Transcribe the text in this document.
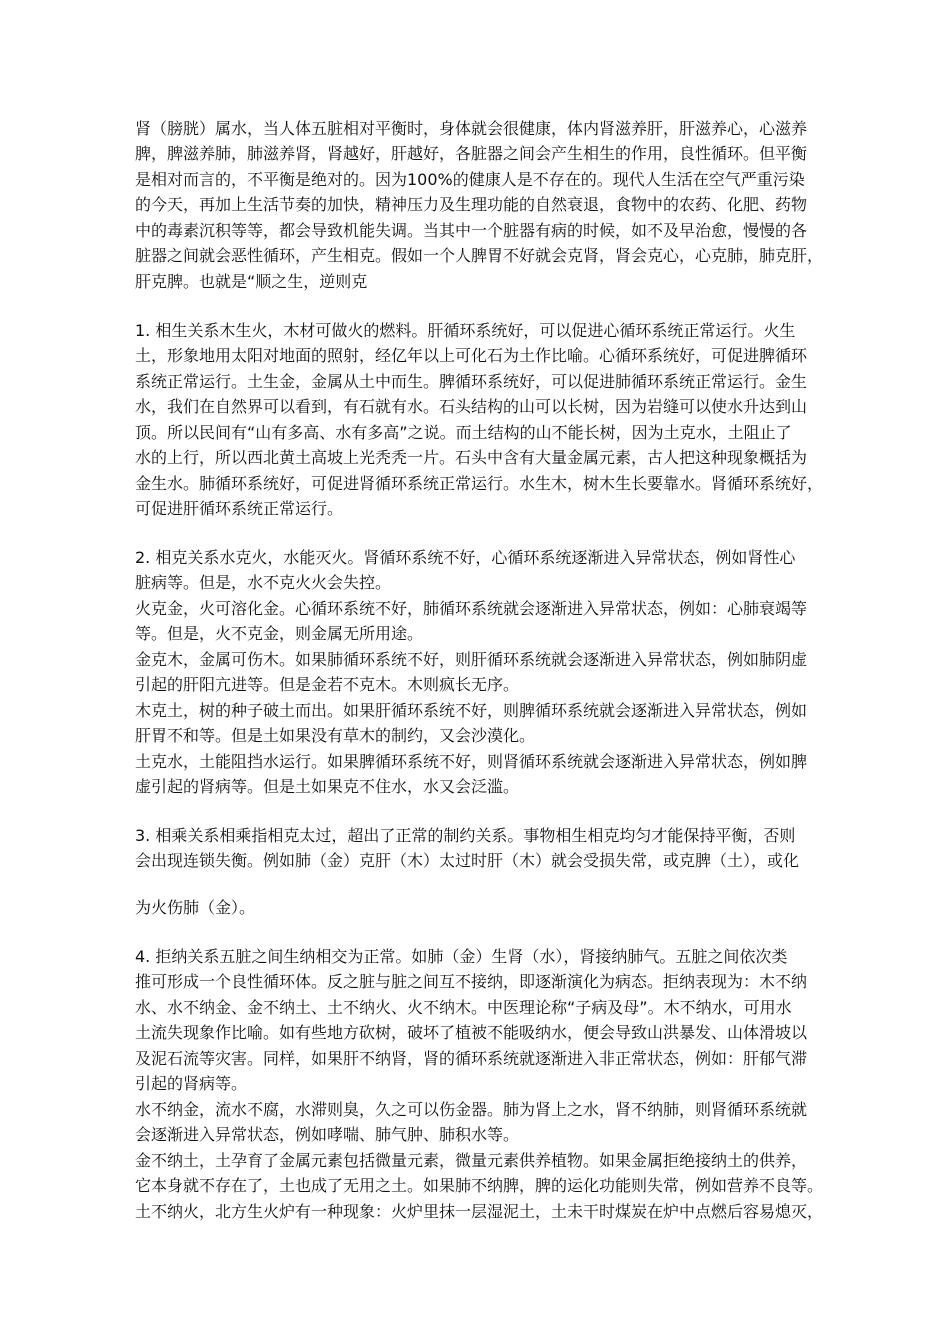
肾（膀胱）属水，当人体五脏相对平衡时，身体就会很健康，体内肾滋养肝，肝滋养心，心滋养
脾，脾滋养肺，肺滋养肾，肾越好，肝越好，各脏器之间会产生相生的作用，良性循环。但平衡
是相对而言的，不平衡是绝对的。因为100%的健康人是不存在的。现代人生活在空气严重污染
的今天，再加上生活节奏的加快，精神压力及生理功能的自然衰退，食物中的农药、化肥、药物
中的毒素沉积等等，都会导致机能失调。当其中一个脏器有病的时候，如不及早治愈，慢慢的各
脏器之间就会恶性循环，产生相克。假如一个人脾胃不好就会克肾，肾会克心，心克肺，肺克肝，
肝克脾。也就是“顺之生，逆则克
1. 相生关系木生火，木材可做火的燃料。肝循环系统好，可以促进心循环系统正常运行。火生
土，形象地用太阳对地面的照射，经亿年以上可化石为土作比喻。心循环系统好，可促进脾循环
系统正常运行。土生金，金属从土中而生。脾循环系统好，可以促进肺循环系统正常运行。金生
水，我们在自然界可以看到，有石就有水。石头结构的山可以长树，因为岩缝可以使水升达到山
顶。所以民间有“山有多高、水有多高”之说。而土结构的山不能长树，因为土克水，土阻止了
水的上行，所以西北黄土高坡上光秃秃一片。石头中含有大量金属元素，古人把这种现象概括为
金生水。肺循环系统好，可促进肾循环系统正常运行。水生木，树木生长要靠水。肾循环系统好，
可促进肝循环系统正常运行。
2. 相克关系水克火，水能灭火。肾循环系统不好，心循环系统逐渐进入异常状态，例如肾性心
脏病等。但是，水不克火火会失控。
火克金，火可溶化金。心循环系统不好，肺循环系统就会逐渐进入异常状态，例如：心肺衰竭等
等。但是，火不克金，则金属无所用途。
金克木，金属可伤木。如果肺循环系统不好，则肝循环系统就会逐渐进入异常状态，例如肺阴虚
引起的肝阳亢进等。但是金若不克木。木则疯长无序。
木克土，树的种子破土而出。如果肝循环系统不好，则脾循环系统就会逐渐进入异常状态，例如
肝胃不和等。但是土如果没有草木的制约，又会沙漠化。
土克水，土能阻挡水运行。如果脾循环系统不好，则肾循环系统就会逐渐进入异常状态，例如脾
虚引起的肾病等。但是土如果克不住水，水又会泛滥。
3. 相乘关系相乘指相克太过，超出了正常的制约关系。事物相生相克均匀才能保持平衡，否则
会出现连锁失衡。例如肺（金）克肝（木）太过时肝（木）就会受损失常，或克脾（土），或化
为火伤肺（金）。
4. 拒纳关系五脏之间生纳相交为正常。如肺（金）生肾（水），肾接纳肺气。五脏之间依次类
推可形成一个良性循环体。反之脏与脏之间互不接纳，即逐渐演化为病态。拒纳表现为：木不纳
水、水不纳金、金不纳土、土不纳火、火不纳木。中医理论称“子病及母”。木不纳水，可用水
土流失现象作比喻。如有些地方砍树，破坏了植被不能吸纳水，便会导致山洪暴发、山体滑坡以
及泥石流等灾害。同样，如果肝不纳肾，肾的循环系统就逐渐进入非正常状态，例如：肝郁气滞
引起的肾病等。
水不纳金，流水不腐，水滞则臭，久之可以伤金器。肺为肾上之水，肾不纳肺，则肾循环系统就
会逐渐进入异常状态，例如哮喘、肺气肿、肺积水等。
金不纳土，土孕育了金属元素包括微量元素，微量元素供养植物。如果金属拒绝接纳土的供养，
它本身就不存在了，土也成了无用之土。如果肺不纳脾，脾的运化功能则失常，例如营养不良等。
土不纳火，北方生火炉有一种现象：火炉里抹一层湿泥土，土未干时煤炭在炉中点燃后容易熄灭，
